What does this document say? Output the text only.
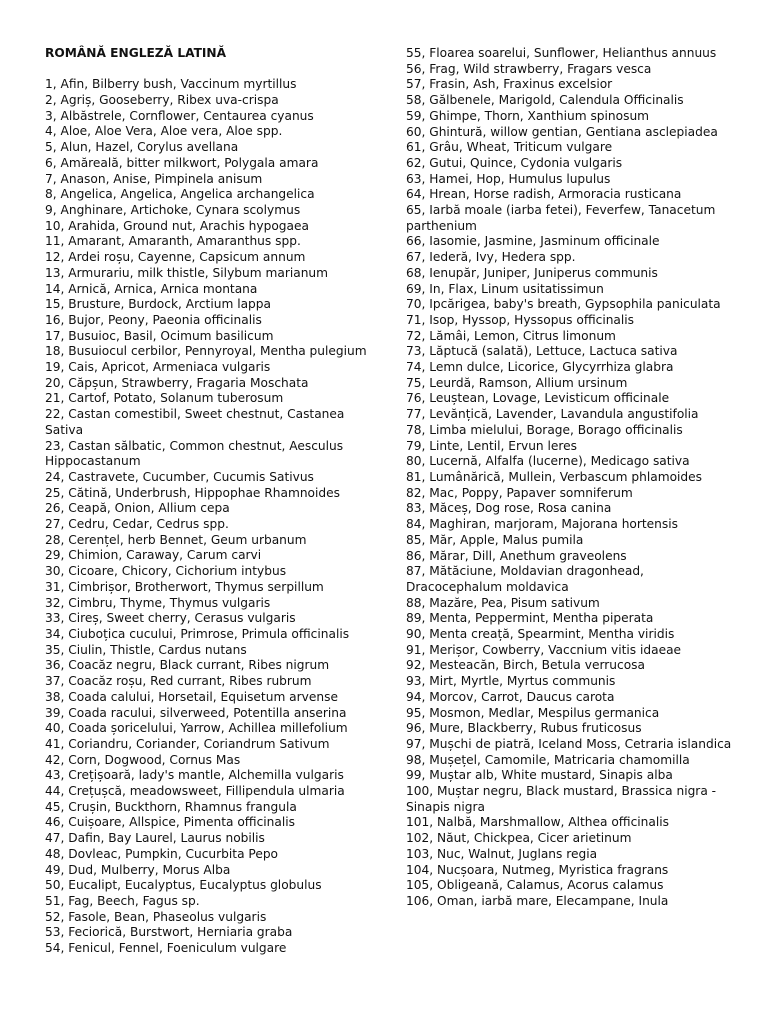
ROMÂNĂ ENGLEZĂ LATINĂ
1, Afin, Bilberry bush, Vaccinum myrtillus
2, Agriș, Gooseberry, Ribex uva-crispa
3, Albăstrele, Cornflower, Centaurea cyanus
4, Aloe, Aloe Vera, Aloe vera, Aloe spp.
5, Alun, Hazel, Corylus avellana
6, Amăreală, bitter milkwort, Polygala amara
7, Anason, Anise, Pimpinela anisum
8, Angelica, Angelica, Angelica archangelica
9, Anghinare, Artichoke, Cynara scolymus
10, Arahida, Ground nut, Arachis hypogaea
11, Amarant, Amaranth, Amaranthus spp.
12, Ardei roșu, Cayenne, Capsicum annum
13, Armurariu, milk thistle, Silybum marianum
14, Arnică, Arnica, Arnica montana
15, Brusture, Burdock, Arctium lappa
16, Bujor, Peony, Paeonia officinalis
17, Busuioc, Basil, Ocimum basilicum
18, Busuiocul cerbilor, Pennyroyal, Mentha pulegium
19, Cais, Apricot, Armeniaca vulgaris
20, Căpșun, Strawberry, Fragaria Moschata
21, Cartof, Potato, Solanum tuberosum
22, Castan comestibil, Sweet chestnut, Castanea Sativa
23, Castan sălbatic, Common chestnut, Aesculus Hippocastanum
24, Castravete, Cucumber, Cucumis Sativus
25, Cătină, Underbrush, Hippophae Rhamnoides
26, Ceapă, Onion, Allium cepa
27, Cedru, Cedar, Cedrus spp.
28, Cerențel, herb Bennet, Geum urbanum
29, Chimion, Caraway, Carum carvi
30, Cicoare, Chicory, Cichorium intybus
31, Cimbrișor, Brotherwort, Thymus serpillum
32, Cimbru, Thyme, Thymus vulgaris
33, Cireș, Sweet cherry, Cerasus vulgaris
34, Ciuboțica cucului, Primrose, Primula officinalis
35, Ciulin, Thistle, Cardus nutans
36, Coacăz negru, Black currant, Ribes nigrum
37, Coacăz roșu, Red currant, Ribes rubrum
38, Coada calului, Horsetail, Equisetum arvense
39, Coada racului, silverweed, Potentilla anserina
40, Coada șoricelului, Yarrow, Achillea millefolium
41, Coriandru, Coriander, Coriandrum Sativum
42, Corn, Dogwood, Cornus Mas
43, Crețișoară, lady's mantle, Alchemilla vulgaris
44, Crețușcă, meadowsweet, Fillipendula ulmaria
45, Crușin, Buckthorn, Rhamnus frangula
46, Cuișoare, Allspice, Pimenta officinalis
47, Dafin, Bay Laurel, Laurus nobilis
48, Dovleac, Pumpkin, Cucurbita Pepo
49, Dud, Mulberry, Morus Alba
50, Eucalipt, Eucalyptus, Eucalyptus globulus
51, Fag, Beech, Fagus sp.
52, Fasole, Bean, Phaseolus vulgaris
53, Feciorică, Burstwort, Herniaria graba
54, Fenicul, Fennel, Foeniculum vulgare
55, Floarea soarelui, Sunflower, Helianthus annuus
56, Frag, Wild strawberry, Fragars vesca
57, Frasin, Ash, Fraxinus excelsior
58, Gălbenele, Marigold, Calendula Officinalis
59, Ghimpe, Thorn, Xanthium spinosum
60, Ghintură, willow gentian, Gentiana asclepiadea
61, Grâu, Wheat, Triticum vulgare
62, Gutui, Quince, Cydonia vulgaris
63, Hamei, Hop, Humulus lupulus
64, Hrean, Horse radish, Armoracia rusticana
65, Iarbă moale (iarba fetei), Feverfew, Tanacetum parthenium
66, Iasomie, Jasmine, Jasminum officinale
67, Iederă, Ivy, Hedera spp.
68, Ienupăr, Juniper, Juniperus communis
69, In, Flax, Linum usitatissimun
70, Ipcărigea, baby's breath, Gypsophila paniculata
71, Isop, Hyssop, Hyssopus officinalis
72, Lămâi, Lemon, Citrus limonum
73, Lăptucă (salată), Lettuce, Lactuca sativa
74, Lemn dulce, Licorice, Glycyrrhiza glabra
75, Leurdă, Ramson, Allium ursinum
76, Leuștean, Lovage, Levisticum officinale
77, Levănțică, Lavender, Lavandula angustifolia
78, Limba mielului, Borage, Borago officinalis
79, Linte, Lentil, Ervun leres
80, Lucernă, Alfalfa (lucerne), Medicago sativa
81, Lumânărică, Mullein, Verbascum phlamoides
82, Mac, Poppy, Papaver somniferum
83, Măceș, Dog rose, Rosa canina
84, Maghiran, marjoram, Majorana hortensis
85, Măr, Apple, Malus pumila
86, Mărar, Dill, Anethum graveolens
87, Mătăciune, Moldavian dragonhead, Dracocephalum moldavica
88, Mazăre, Pea, Pisum sativum
89, Menta, Peppermint, Mentha piperata
90, Menta creață, Spearmint, Mentha viridis
91, Merișor, Cowberry, Vaccnium vitis idaeae
92, Mesteacăn, Birch, Betula verrucosa
93, Mirt, Myrtle, Myrtus communis
94, Morcov, Carrot, Daucus carota
95, Mosmon, Medlar, Mespilus germanica
96, Mure, Blackberry, Rubus fruticosus
97, Mușchi de piatră, Iceland Moss, Cetraria islandica
98, Mușețel, Camomile, Matricaria chamomilla
99, Muștar alb, White mustard, Sinapis alba
100, Muștar negru, Black mustard, Brassica nigra - Sinapis nigra
101, Nalbă, Marshmallow, Althea officinalis
102, Năut, Chickpea, Cicer arietinum
103, Nuc, Walnut, Juglans regia
104, Nucșoara, Nutmeg, Myristica fragrans
105, Obligeană, Calamus, Acorus calamus
106, Oman, iarbă mare, Elecampane, Inula
